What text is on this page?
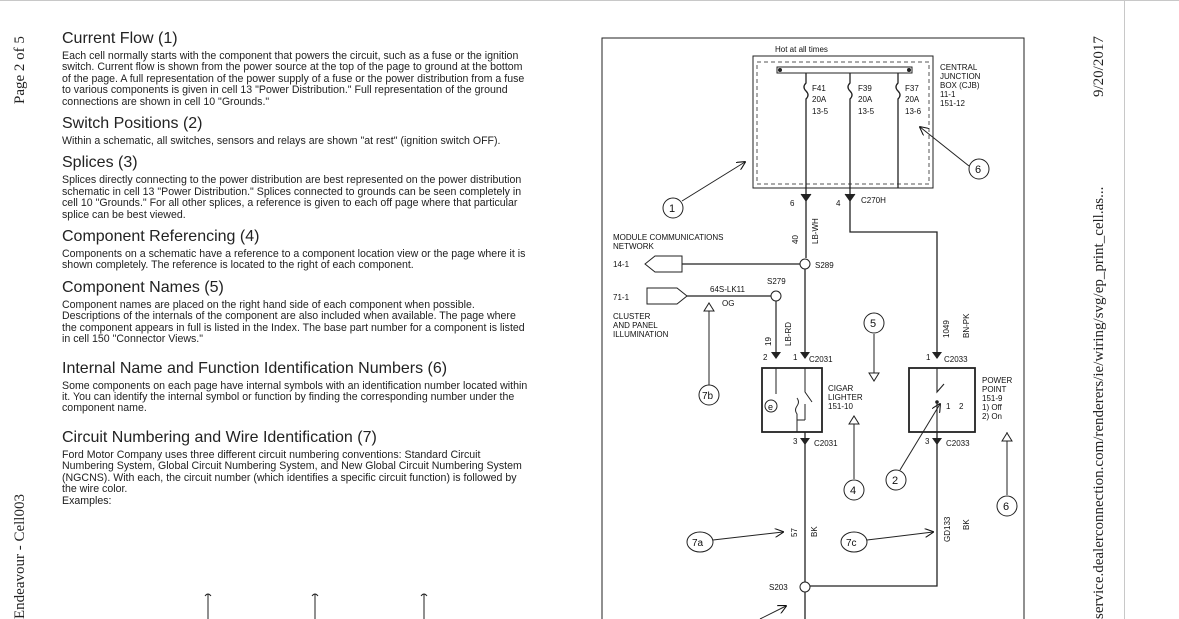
Page 2 of 5
Endeavour - Cell003
9/20/2017
service.dealerconnection.com/renderers/ie/wiring/svg/ep_print_cell.as...
Current Flow (1)

Each cell normally starts with the component that powers the circuit, such as a fuse or the ignition switch. Current flow is shown from the power source at the top of the page to ground at the bottom of the page. A full representation of the power supply of a fuse or the power distribution from a fuse to various components is given in cell 13 "Power Distribution." Full representation of the ground connections are shown in cell 10 "Grounds."

Switch Positions (2)

Within a schematic, all switches, sensors and relays are shown "at rest" (ignition switch OFF).

Splices (3)

Splices directly connecting to the power distribution are best represented on the power distribution schematic in cell 13 "Power Distribution." Splices connected to grounds can be seen completely in cell 10 "Grounds." For all other splices, a reference is given to each off page where that particular splice can be best viewed.

Component Referencing (4)

Components on a schematic have a reference to a component location view or the page where it is shown completely. The reference is located to the right of each component.

Component Names (5)

Component names are placed on the right hand side of each component when possible. Descriptions of the internals of the component are also included when available. The page where the component appears in full is listed in the Index. The base part number for a component is listed in cell 150 "Connector Views."

Internal Name and Function Identification Numbers (6)

Some components on each page have internal symbols with an identification number located within it. You can identify the internal symbol or function by finding the corresponding number under the component name.

Circuit Numbering and Wire Identification (7)

Ford Motor Company uses three different circuit numbering conventions: Standard Circuit Numbering System, Global Circuit Numbering System, and New Global Circuit Numbering System (NGCNS). With each, the circuit number (which identifies a specific circuit function) is followed by the wire color.

Examples:
Hot at all times
CENTRAL
JUNCTION
BOX (CJB)
11-1
151-12
F41
20A
13-5
F39
20A
13-5
F37
20A
13-6
6	4	C270H
40 LB-WH
1049 BN-PK
MODULE COMMUNICATIONS
NETWORK
14-1	S289
S279
64S-LK11
OG
71-1
CLUSTER
AND PANEL
ILLUMINATION
19 LB-RD
2	1 C2031
e
CIGAR
LIGHTER
151-10
3 C2031
57 BK
1 C2033
1 2
POWER
POINT
151-9
1) Off
2) On
3 C2033
GD133 BK
S203
1
6
5
7b
4
2
6
7a	7c
